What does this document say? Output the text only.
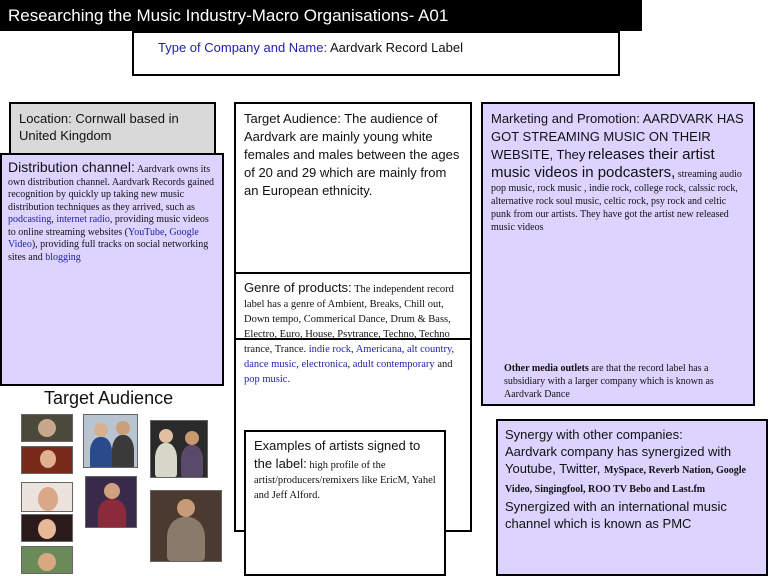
Researching the Music Industry-Macro Organisations- A01
Type of Company and Name: Aardvark Record Label
Location: Cornwall based in United Kingdom
Distribution channel: Aardvark owns its own distribution channel. Aardvark Records gained recognition by quickly up taking new music distribution techniques as they arrived, such as podcasting, internet radio, providing music videos to online streaming websites (YouTube, Google Video), providing full tracks on social networking sites and blogging
Target Audience
Target Audience: The audience of Aardvark are mainly young white females and males between the ages of 20 and 29 which are mainly from an European ethnicity.
Genre of products: The independent record label has a genre of Ambient, Breaks, Chill out, Down tempo, Commerical Dance, Drum & Bass, Electro, Euro, House, Psytrance, Techno, Techno trance, Trance. indie rock, Americana, alt country, dance music, electronica, adult contemporary and pop music.
Examples of artists signed to the label: high profile of the artist/producers/remixers like EricM, Yahel and Jeff Alford.
Marketing and Promotion: AARDVARK HAS GOT STREAMING MUSIC ON THEIR WEBSITE, They releases their artist music videos in podcasters, streaming audio pop music, rock music , indie rock, college rock, calssic rock, alternative rock soul music, celtic rock, psy rock and celtic punk from our artists. They have got the artist new released music videos
Other media outlets are that the record label has a subsidiary with a larger company which is known as Aardvark Dance
Synergy with other companies:
Aardvark company has synergized with Youtube, Twitter, MySpace, Reverb Nation, Google Video, Singingfool, ROO TV Bebo and Last.fm
Synergized with an international music channel which is known as PMC
